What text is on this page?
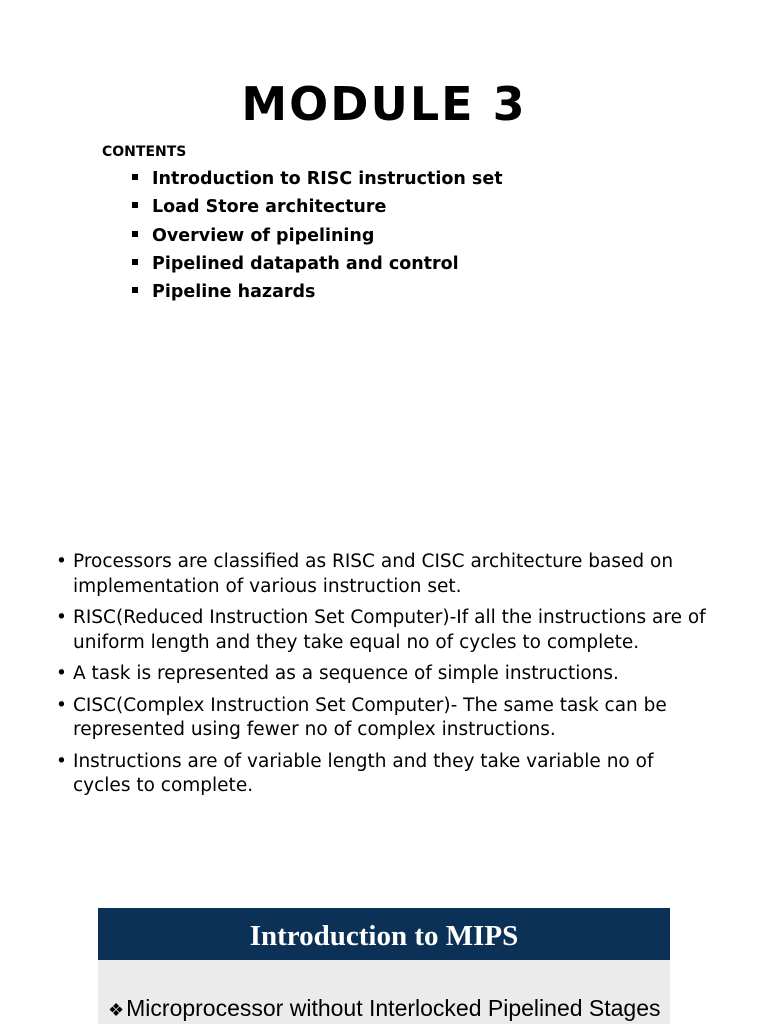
MODULE 3
CONTENTS
Introduction to RISC instruction set
Load Store architecture
Overview of pipelining
Pipelined datapath and control
Pipeline hazards
• Processors are classified as RISC and CISC architecture based on implementation of various instruction set.
• RISC(Reduced Instruction Set Computer)-If all the instructions are of uniform length and they take equal no of cycles to complete.
• A task is represented as a sequence of simple instructions.
• CISC(Complex Instruction Set Computer)- The same task can be represented using fewer no of complex instructions.
• Instructions are of variable length and they take variable no of cycles to complete.
Introduction to MIPS
❖Microprocessor without Interlocked Pipelined Stages
